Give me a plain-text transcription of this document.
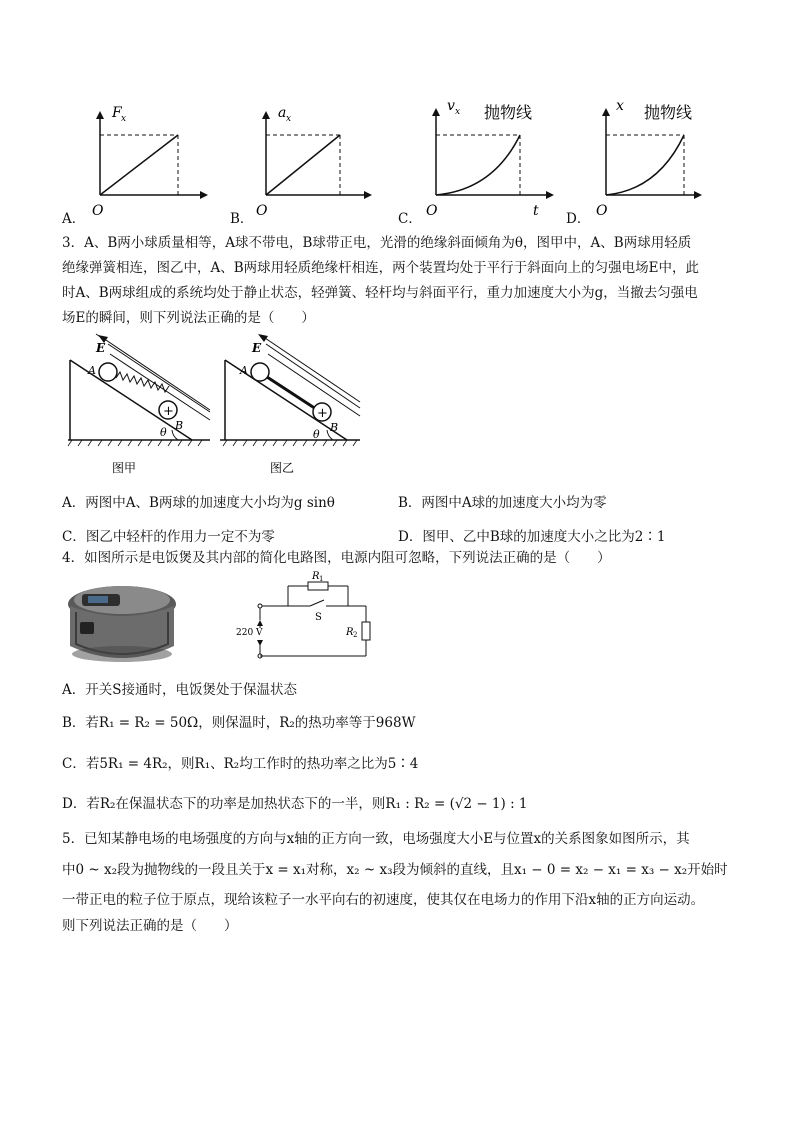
F x
O
A．
a x
O
B．
v x 抛物线
O	t
C．
x 抛物线
O
D．
3．A、B两小球质量相等，A球不带电，B球带正电，光滑的绝缘斜面倾角为θ，图甲中，A、B两球用轻质
绝缘弹簧相连，图乙中，A、B两球用轻质绝缘杆相连，两个装置均处于平行于斜面向上的匀强电场E中，此
时A、B两球组成的系统均处于静止状态，轻弹簧、轻杆均与斜面平行，重力加速度大小为g，当撤去匀强电
场E的瞬间，则下列说法正确的是（　　）
+
E
A
B
θ
+
E
A
B
θ
图甲	图乙
A．两图中A、B两球的加速度大小均为g sinθ	B．两图中A球的加速度大小均为零
C．图乙中轻杆的作用力一定不为零	D．图甲、乙中B球的加速度大小之比为2∶1
4．如图所示是电饭煲及其内部的简化电路图，电源内阻可忽略，下列说法正确的是（　　）
R 1
S
R 2
220 V
A．开关S接通时，电饭煲处于保温状态
B．若R₁ = R₂ = 50Ω，则保温时，R₂的热功率等于968W
C．若5R₁ = 4R₂，则R₁、R₂均工作时的热功率之比为5∶4
D．若R₂在保温状态下的功率是加热状态下的一半，则R₁ : R₂ = (√2 − 1) : 1
5．已知某静电场的电场强度的方向与x轴的正方向一致，电场强度大小E与位置x的关系图象如图所示，其
中0 ~ x₂段为抛物线的一段且关于x = x₁对称，x₂ ~ x₃段为倾斜的直线，且x₁ − 0 = x₂ − x₁ = x₃ − x₂开始时
一带正电的粒子位于原点，现给该粒子一水平向右的初速度，使其仅在电场力的作用下沿x轴的正方向运动。
则下列说法正确的是（　　）
